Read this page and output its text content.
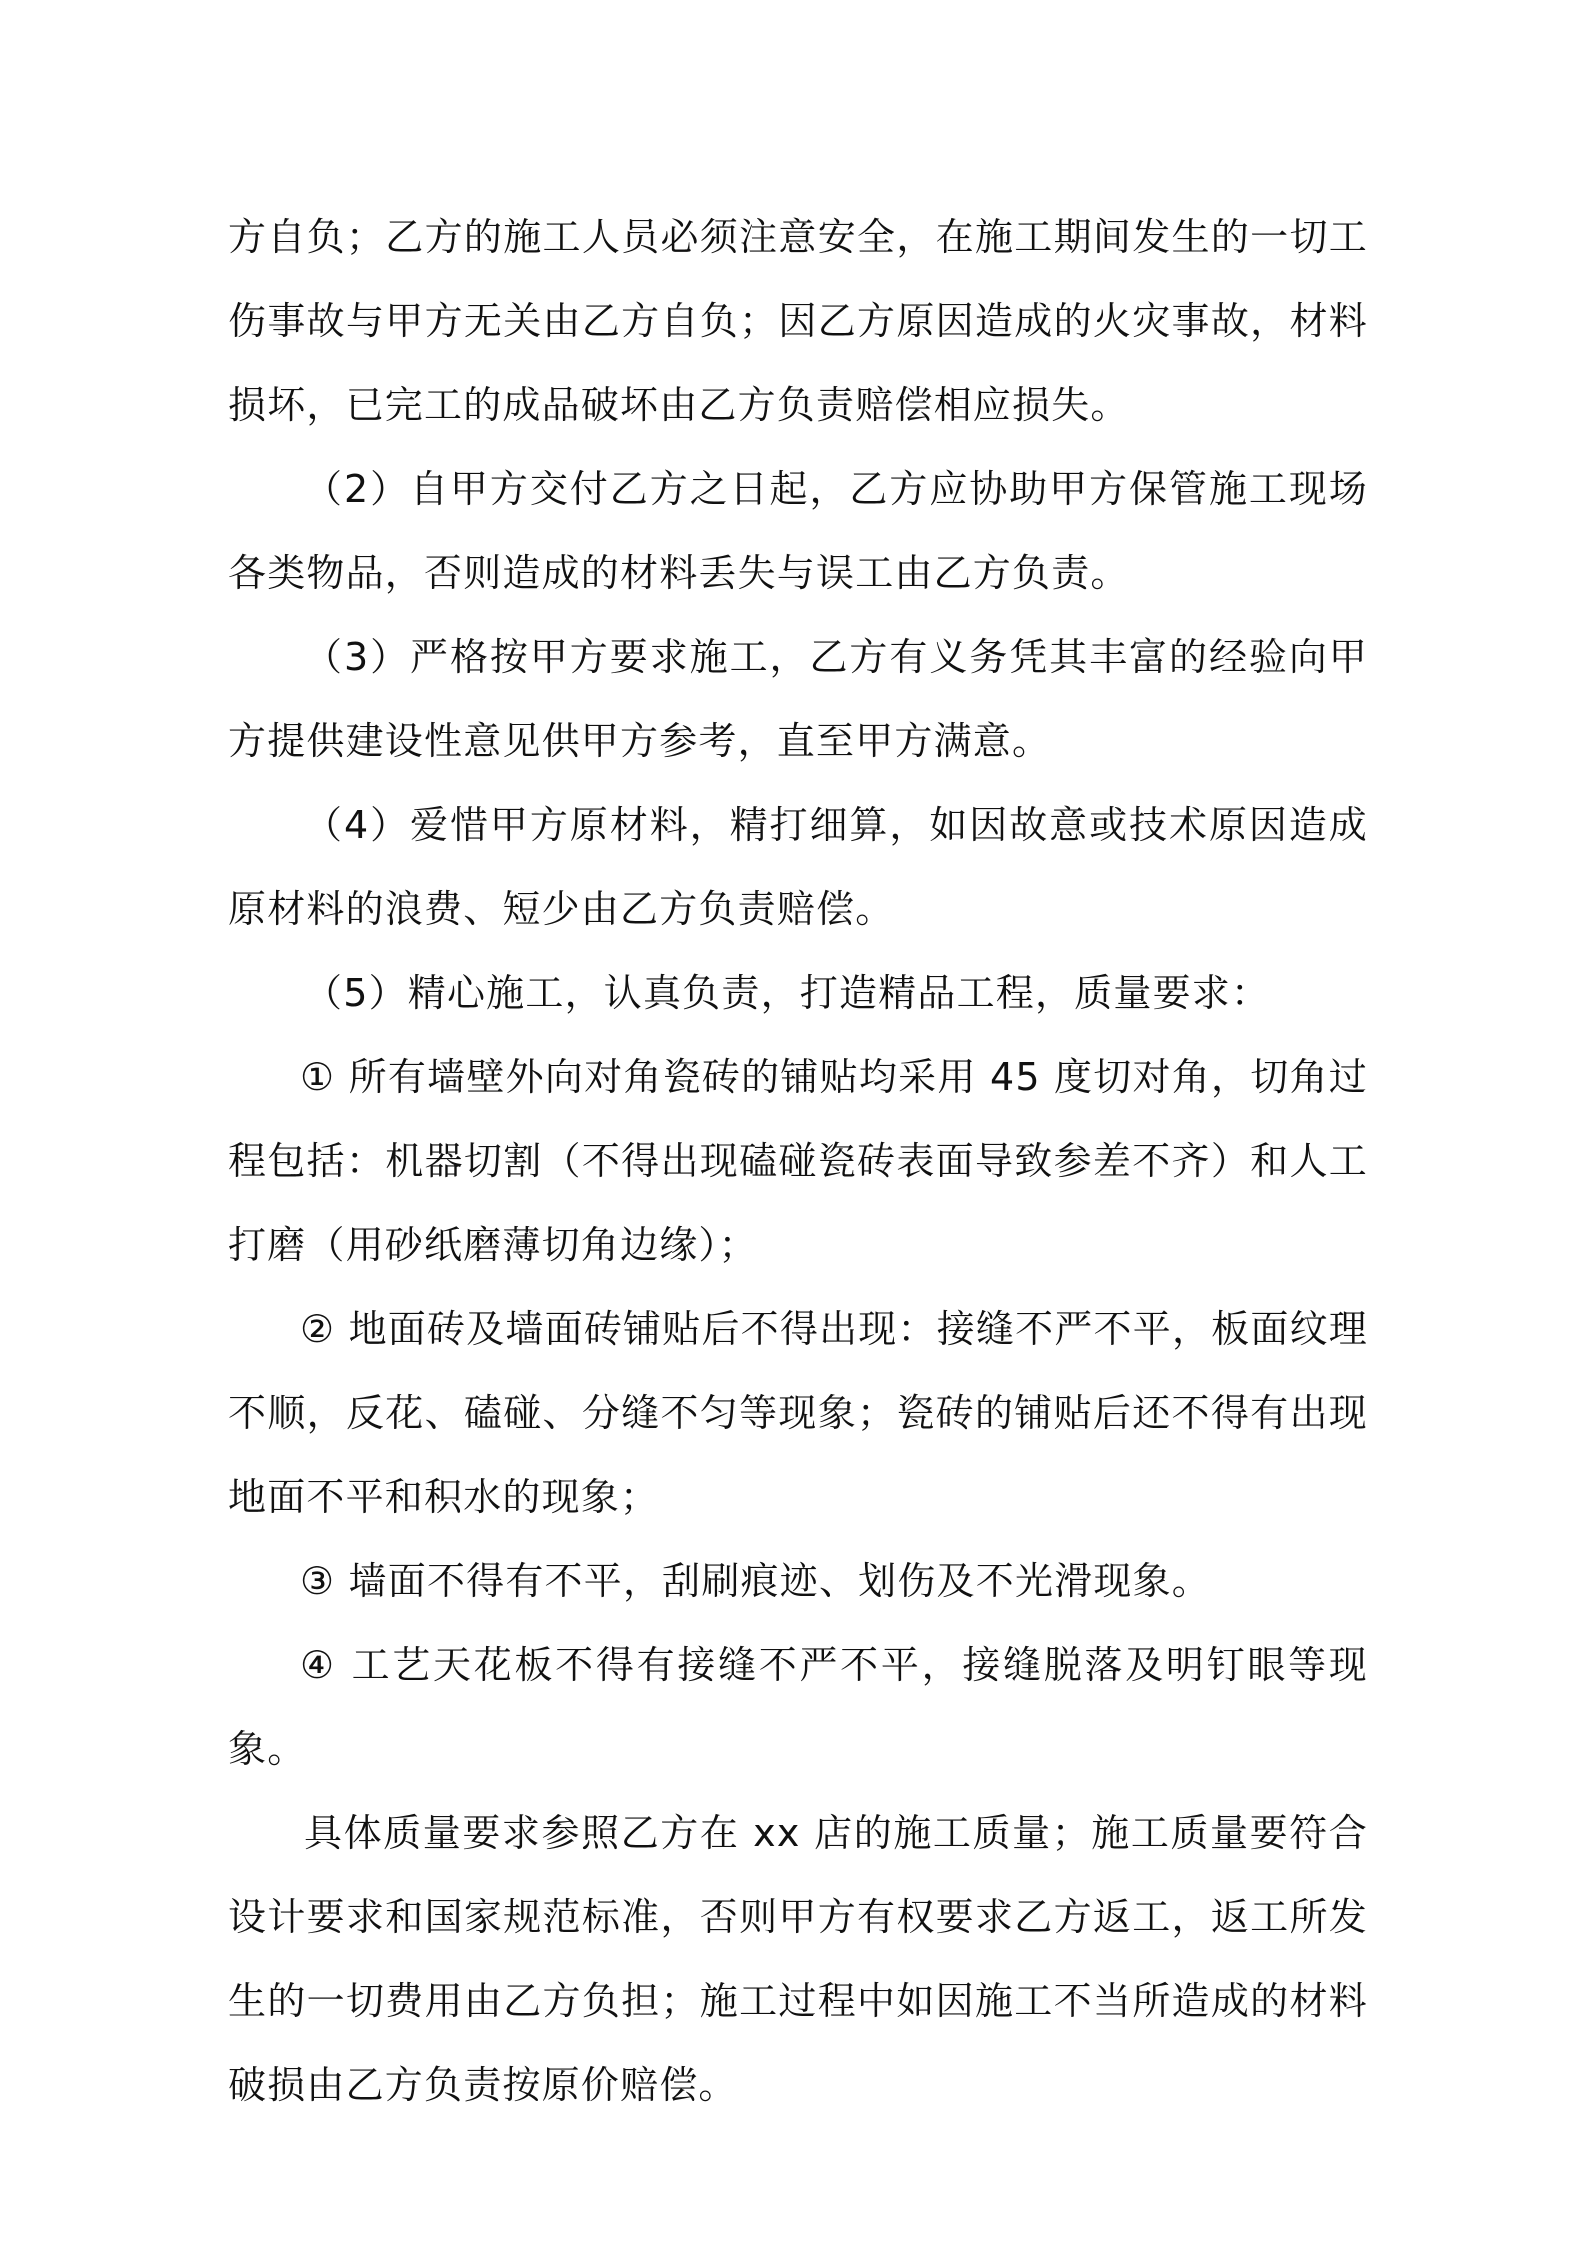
方自负；乙方的施工人员必须注意安全，在施工期间发生的一切工伤事故与甲方无关由乙方自负；因乙方原因造成的火灾事故，材料损坏，已完工的成品破坏由乙方负责赔偿相应损失。

（2）自甲方交付乙方之日起，乙方应协助甲方保管施工现场各类物品，否则造成的材料丢失与误工由乙方负责。

（3）严格按甲方要求施工，乙方有义务凭其丰富的经验向甲方提供建设性意见供甲方参考，直至甲方满意。

（4）爱惜甲方原材料，精打细算，如因故意或技术原因造成原材料的浪费、短少由乙方负责赔偿。

（5）精心施工，认真负责，打造精品工程，质量要求：

① 所有墙壁外向对角瓷砖的铺贴均采用 45 度切对角，切角过程包括：机器切割（不得出现磕碰瓷砖表面导致参差不齐）和人工打磨（用砂纸磨薄切角边缘）；

② 地面砖及墙面砖铺贴后不得出现：接缝不严不平，板面纹理不顺，反花、磕碰、分缝不匀等现象；瓷砖的铺贴后还不得有出现地面不平和积水的现象；

③ 墙面不得有不平，刮刷痕迹、划伤及不光滑现象。

④ 工艺天花板不得有接缝不严不平，接缝脱落及明钉眼等现象。

具体质量要求参照乙方在 xx 店的施工质量；施工质量要符合设计要求和国家规范标准，否则甲方有权要求乙方返工，返工所发生的一切费用由乙方负担；施工过程中如因施工不当所造成的材料破损由乙方负责按原价赔偿。
